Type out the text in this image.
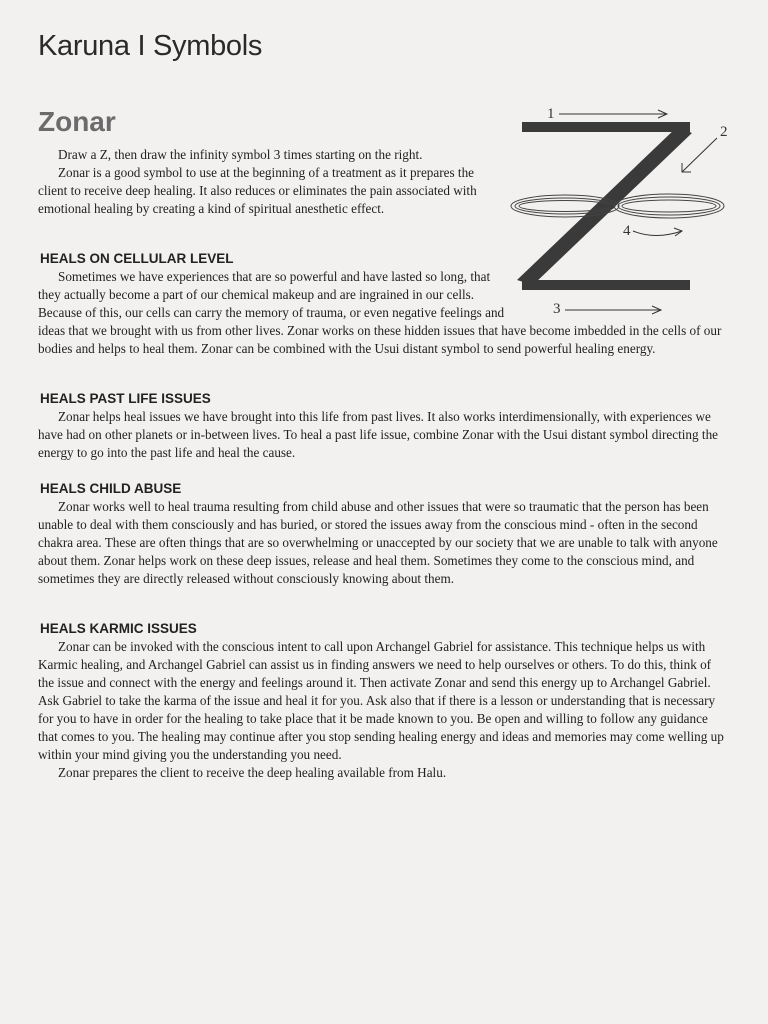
Karuna I Symbols
Zonar

Draw a Z, then draw the infinity symbol 3 times starting on the right.

Zonar is a good symbol to use at the beginning of a treatment as it prepares the client to receive deep healing. It also reduces or eliminates the pain associated with emotional healing by creating a kind of spiritual anesthetic effect.

HEALS ON CELLULAR LEVEL

Sometimes we have experiences that are so powerful and have lasted so long, that they actually become a part of our chemical makeup and are ingrained in our cells. Because of this, our cells can carry the memory of trauma, or even negative feelings and ideas that we brought with us from other lives. Zonar works on these hidden issues that have become imbedded in the cells of our bodies and helps to heal them. Zonar can be combined with the Usui distant symbol to send powerful healing energy.

HEALS PAST LIFE ISSUES

Zonar helps heal issues we have brought into this life from past lives. It also works interdimensionally, with experiences we have had on other planets or in-between lives. To heal a past life issue, combine Zonar with the Usui distant symbol directing the energy to go into the past life and heal the cause.

HEALS CHILD ABUSE

Zonar works well to heal trauma resulting from child abuse and other issues that were so traumatic that the person has been unable to deal with them consciously and has buried, or stored the issues away from the conscious mind - often in the second chakra area. These are often things that are so overwhelming or unaccepted by our society that we are unable to talk with anyone about them. Zonar helps work on these deep issues, release and heal them. Sometimes they come to the conscious mind, and sometimes they are directly released without consciously knowing about them.

HEALS KARMIC ISSUES

Zonar can be invoked with the conscious intent to call upon Archangel Gabriel for assistance. This technique helps us with Karmic healing, and Archangel Gabriel can assist us in finding answers we need to help ourselves or others. To do this, think of the issue and connect with the energy and feelings around it. Then activate Zonar and send this energy up to Archangel Gabriel. Ask Gabriel to take the karma of the issue and heal it for you. Ask also that if there is a lesson or understanding that is necessary for you to have in order for the healing to take place that it be made known to you. Be open and willing to follow any guidance that comes to you. The healing may continue after you stop sending healing energy and ideas and memories may come welling up within your mind giving you the understanding you need.

Zonar prepares the client to receive the deep healing available from Halu.

1
2
3
4
